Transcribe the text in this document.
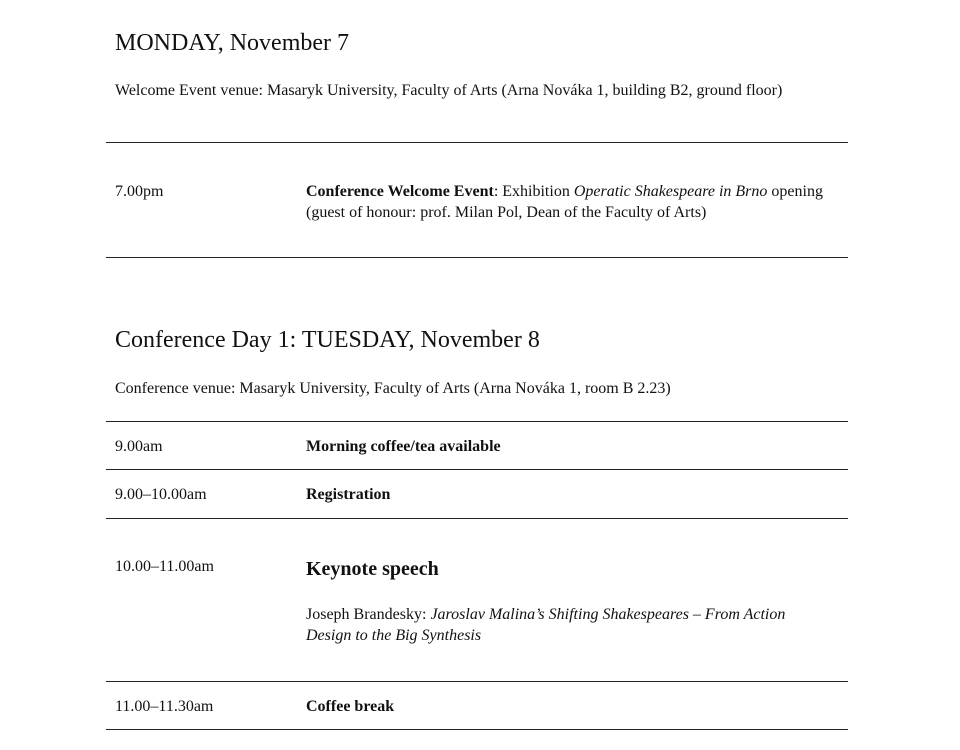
MONDAY, November 7

Welcome Event venue: Masaryk University, Faculty of Arts (Arna Nováka 1, building B2, ground floor)

7.00pm	Conference Welcome Event: Exhibition Operatic Shakespeare in Brno opening (guest of honour: prof. Milan Pol, Dean of the Faculty of Arts)
Conference Day 1: TUESDAY, November 8

Conference venue: Masaryk University, Faculty of Arts (Arna Nováka 1, room B 2.23)

9.00am	Morning coffee/tea available
9.00–10.00am	Registration
10.00–11.00am	Keynote speech
Joseph Brandesky: Jaroslav Malina’s Shifting Shakespeares – From Action Design to the Big Synthesis
11.00–11.30am	Coffee break
